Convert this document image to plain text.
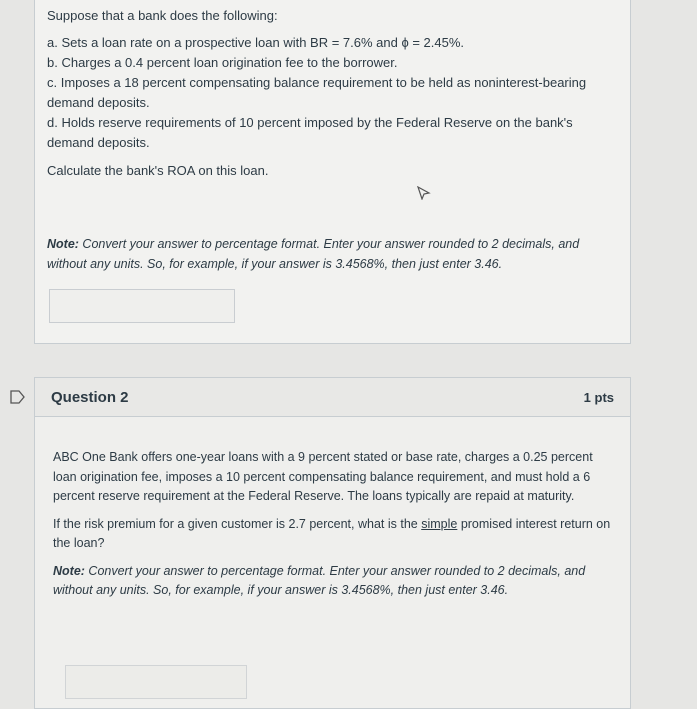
Suppose that a bank does the following:

a. Sets a loan rate on a prospective loan with BR = 7.6% and ϕ = 2.45%.

b. Charges a 0.4 percent loan origination fee to the borrower.

c. Imposes a 18 percent compensating balance requirement to be held as noninterest-bearing demand deposits.

d. Holds reserve requirements of 10 percent imposed by the Federal Reserve on the bank's demand deposits.

Calculate the bank's ROA on this loan.

Note: Convert your answer to percentage format. Enter your answer rounded to 2 decimals, and without any units. So, for example, if your answer is 3.4568%, then just enter 3.46.

Question 2	1 pts

ABC One Bank offers one-year loans with a 9 percent stated or base rate, charges a 0.25 percent loan origination fee, imposes a 10 percent compensating balance requirement, and must hold a 6 percent reserve requirement at the Federal Reserve. The loans typically are repaid at maturity.

If the risk premium for a given customer is 2.7 percent, what is the simple promised interest return on the loan?

Note: Convert your answer to percentage format. Enter your answer rounded to 2 decimals, and without any units. So, for example, if your answer is 3.4568%, then just enter 3.46.
